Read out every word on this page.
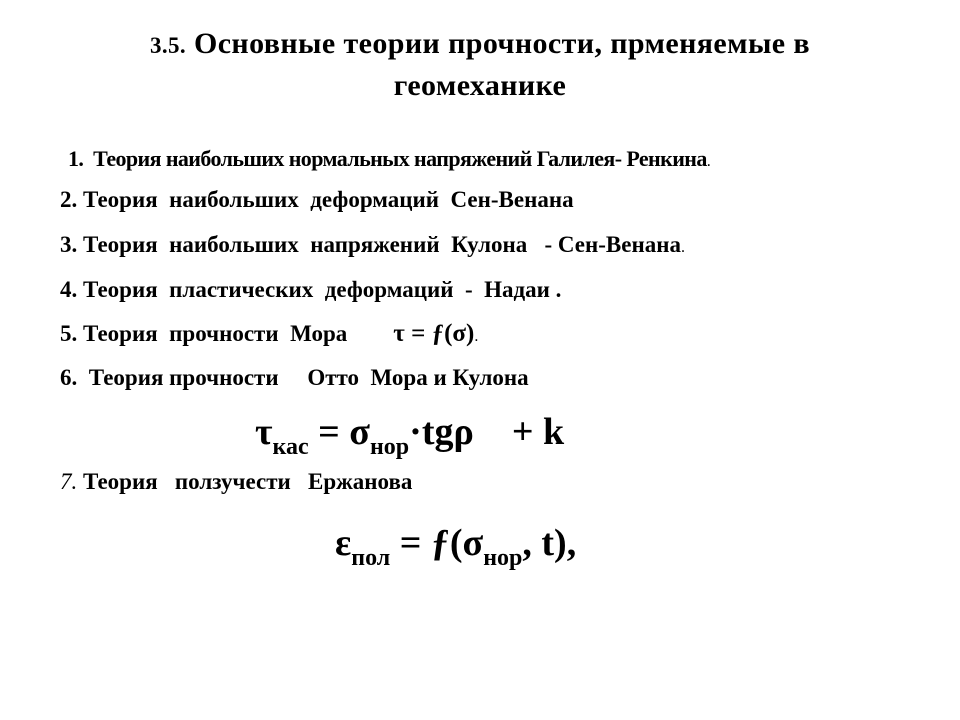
3.5. Основные теории прочности, прменяемые в
геомеханике
1.  Теория наибольших нормальных напряжений Галилея- Ренкина.
2. Теория  наибольших  деформаций  Сен-Венана
3. Теория  наибольших  напряжений  Кулона   - Сен-Венана.
4. Теория  пластических  деформаций  -  Надаи .
5. Теория  прочности  Мора        τ = ƒ(σ).
6.  Теория прочности     Отто  Мора и Кулона
$\tau_{кас} = \sigma_{нор}\cdot tg\rho$    + k
7. Теория   ползучести   Ержанова
$\varepsilon_{пол}$ = $ƒ(\sigma_{нор}$, t),
